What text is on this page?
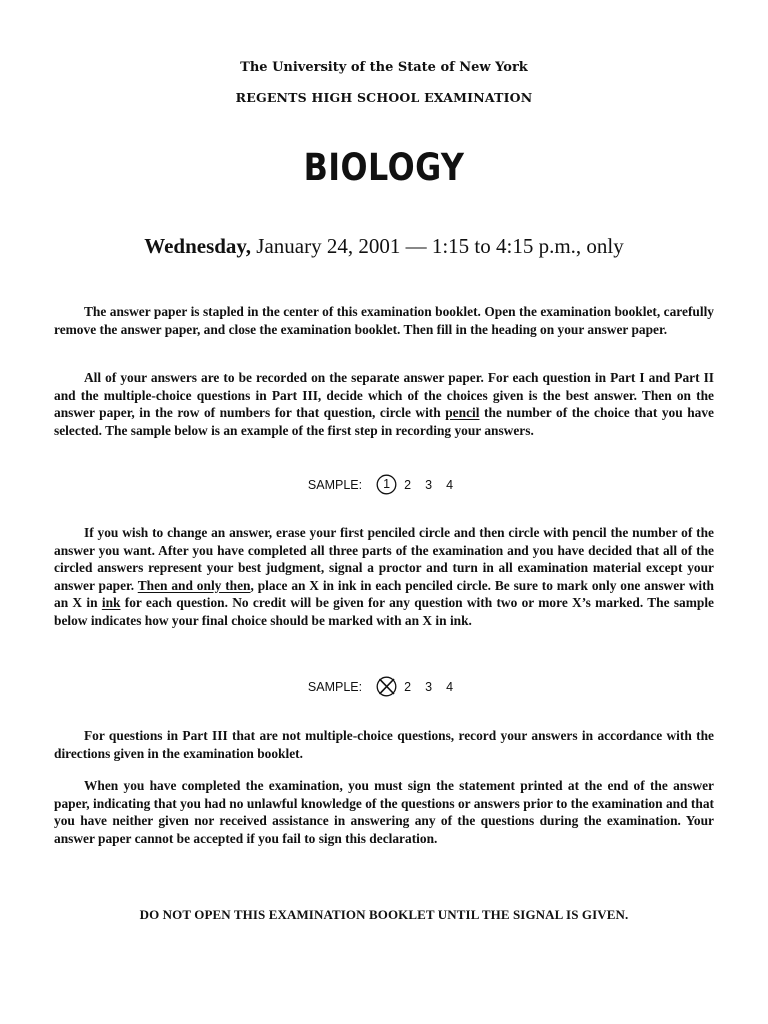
The University of the State of New York
REGENTS HIGH SCHOOL EXAMINATION
BIOLOGY
Wednesday, January 24, 2001 — 1:15 to 4:15 p.m., only

The answer paper is stapled in the center of this examination booklet. Open the examination booklet, carefully remove the answer paper, and close the examination booklet. Then fill in the heading on your answer paper.

All of your answers are to be recorded on the separate answer paper. For each question in Part I and Part II and the multiple-choice questions in Part III, decide which of the choices given is the best answer. Then on the answer paper, in the row of numbers for that question, circle with pencil the number of the choice that you have selected. The sample below is an example of the first step in recording your answers.

SAMPLE:	1	2	3	4

If you wish to change an answer, erase your first penciled circle and then circle with pencil the number of the answer you want. After you have completed all three parts of the examination and you have decided that all of the circled answers represent your best judgment, signal a proctor and turn in all examination material except your answer paper. Then and only then, place an X in ink in each penciled circle. Be sure to mark only one answer with an X in ink for each question. No credit will be given for any question with two or more X’s marked. The sample below indicates how your final choice should be marked with an X in ink.

SAMPLE:	2	3	4

For questions in Part III that are not multiple-choice questions, record your answers in accordance with the directions given in the examination booklet.

When you have completed the examination, you must sign the statement printed at the end of the answer paper, indicating that you had no unlawful knowledge of the questions or answers prior to the examination and that you have neither given nor received assistance in answering any of the questions during the examination. Your answer paper cannot be accepted if you fail to sign this declaration.

DO NOT OPEN THIS EXAMINATION BOOKLET UNTIL THE SIGNAL IS GIVEN.
